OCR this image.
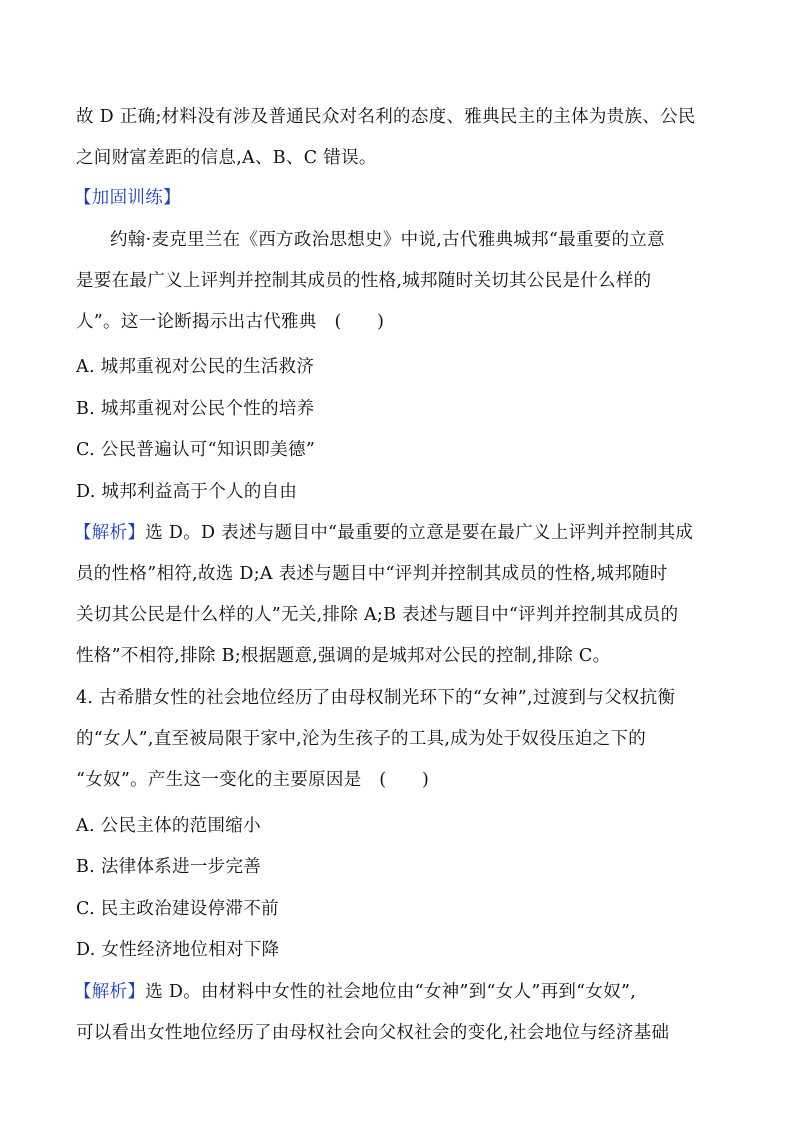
故 D 正确;材料没有涉及普通民众对名利的态度、雅典民主的主体为贵族、公民
之间财富差距的信息,A、B、C 错误。
【加固训练】
约翰·麦克里兰在《西方政治思想史》中说,古代雅典城邦“最重要的立意
是要在最广义上评判并控制其成员的性格,城邦随时关切其公民是什么样的
人”。这一论断揭示出古代雅典　(　　)
A. 城邦重视对公民的生活救济
B. 城邦重视对公民个性的培养
C. 公民普遍认可“知识即美德”
D. 城邦利益高于个人的自由
【解析】选 D。D 表述与题目中“最重要的立意是要在最广义上评判并控制其成
员的性格”相符,故选 D;A 表述与题目中“评判并控制其成员的性格,城邦随时
关切其公民是什么样的人”无关,排除 A;B 表述与题目中“评判并控制其成员的
性格”不相符,排除 B;根据题意,强调的是城邦对公民的控制,排除 C。
4. 古希腊女性的社会地位经历了由母权制光环下的“女神”,过渡到与父权抗衡
的“女人”,直至被局限于家中,沦为生孩子的工具,成为处于奴役压迫之下的
“女奴”。产生这一变化的主要原因是　(　　)
A. 公民主体的范围缩小
B. 法律体系进一步完善
C. 民主政治建设停滞不前
D. 女性经济地位相对下降
【解析】选 D。由材料中女性的社会地位由“女神”到“女人”再到“女奴”,
可以看出女性地位经历了由母权社会向父权社会的变化,社会地位与经济基础
